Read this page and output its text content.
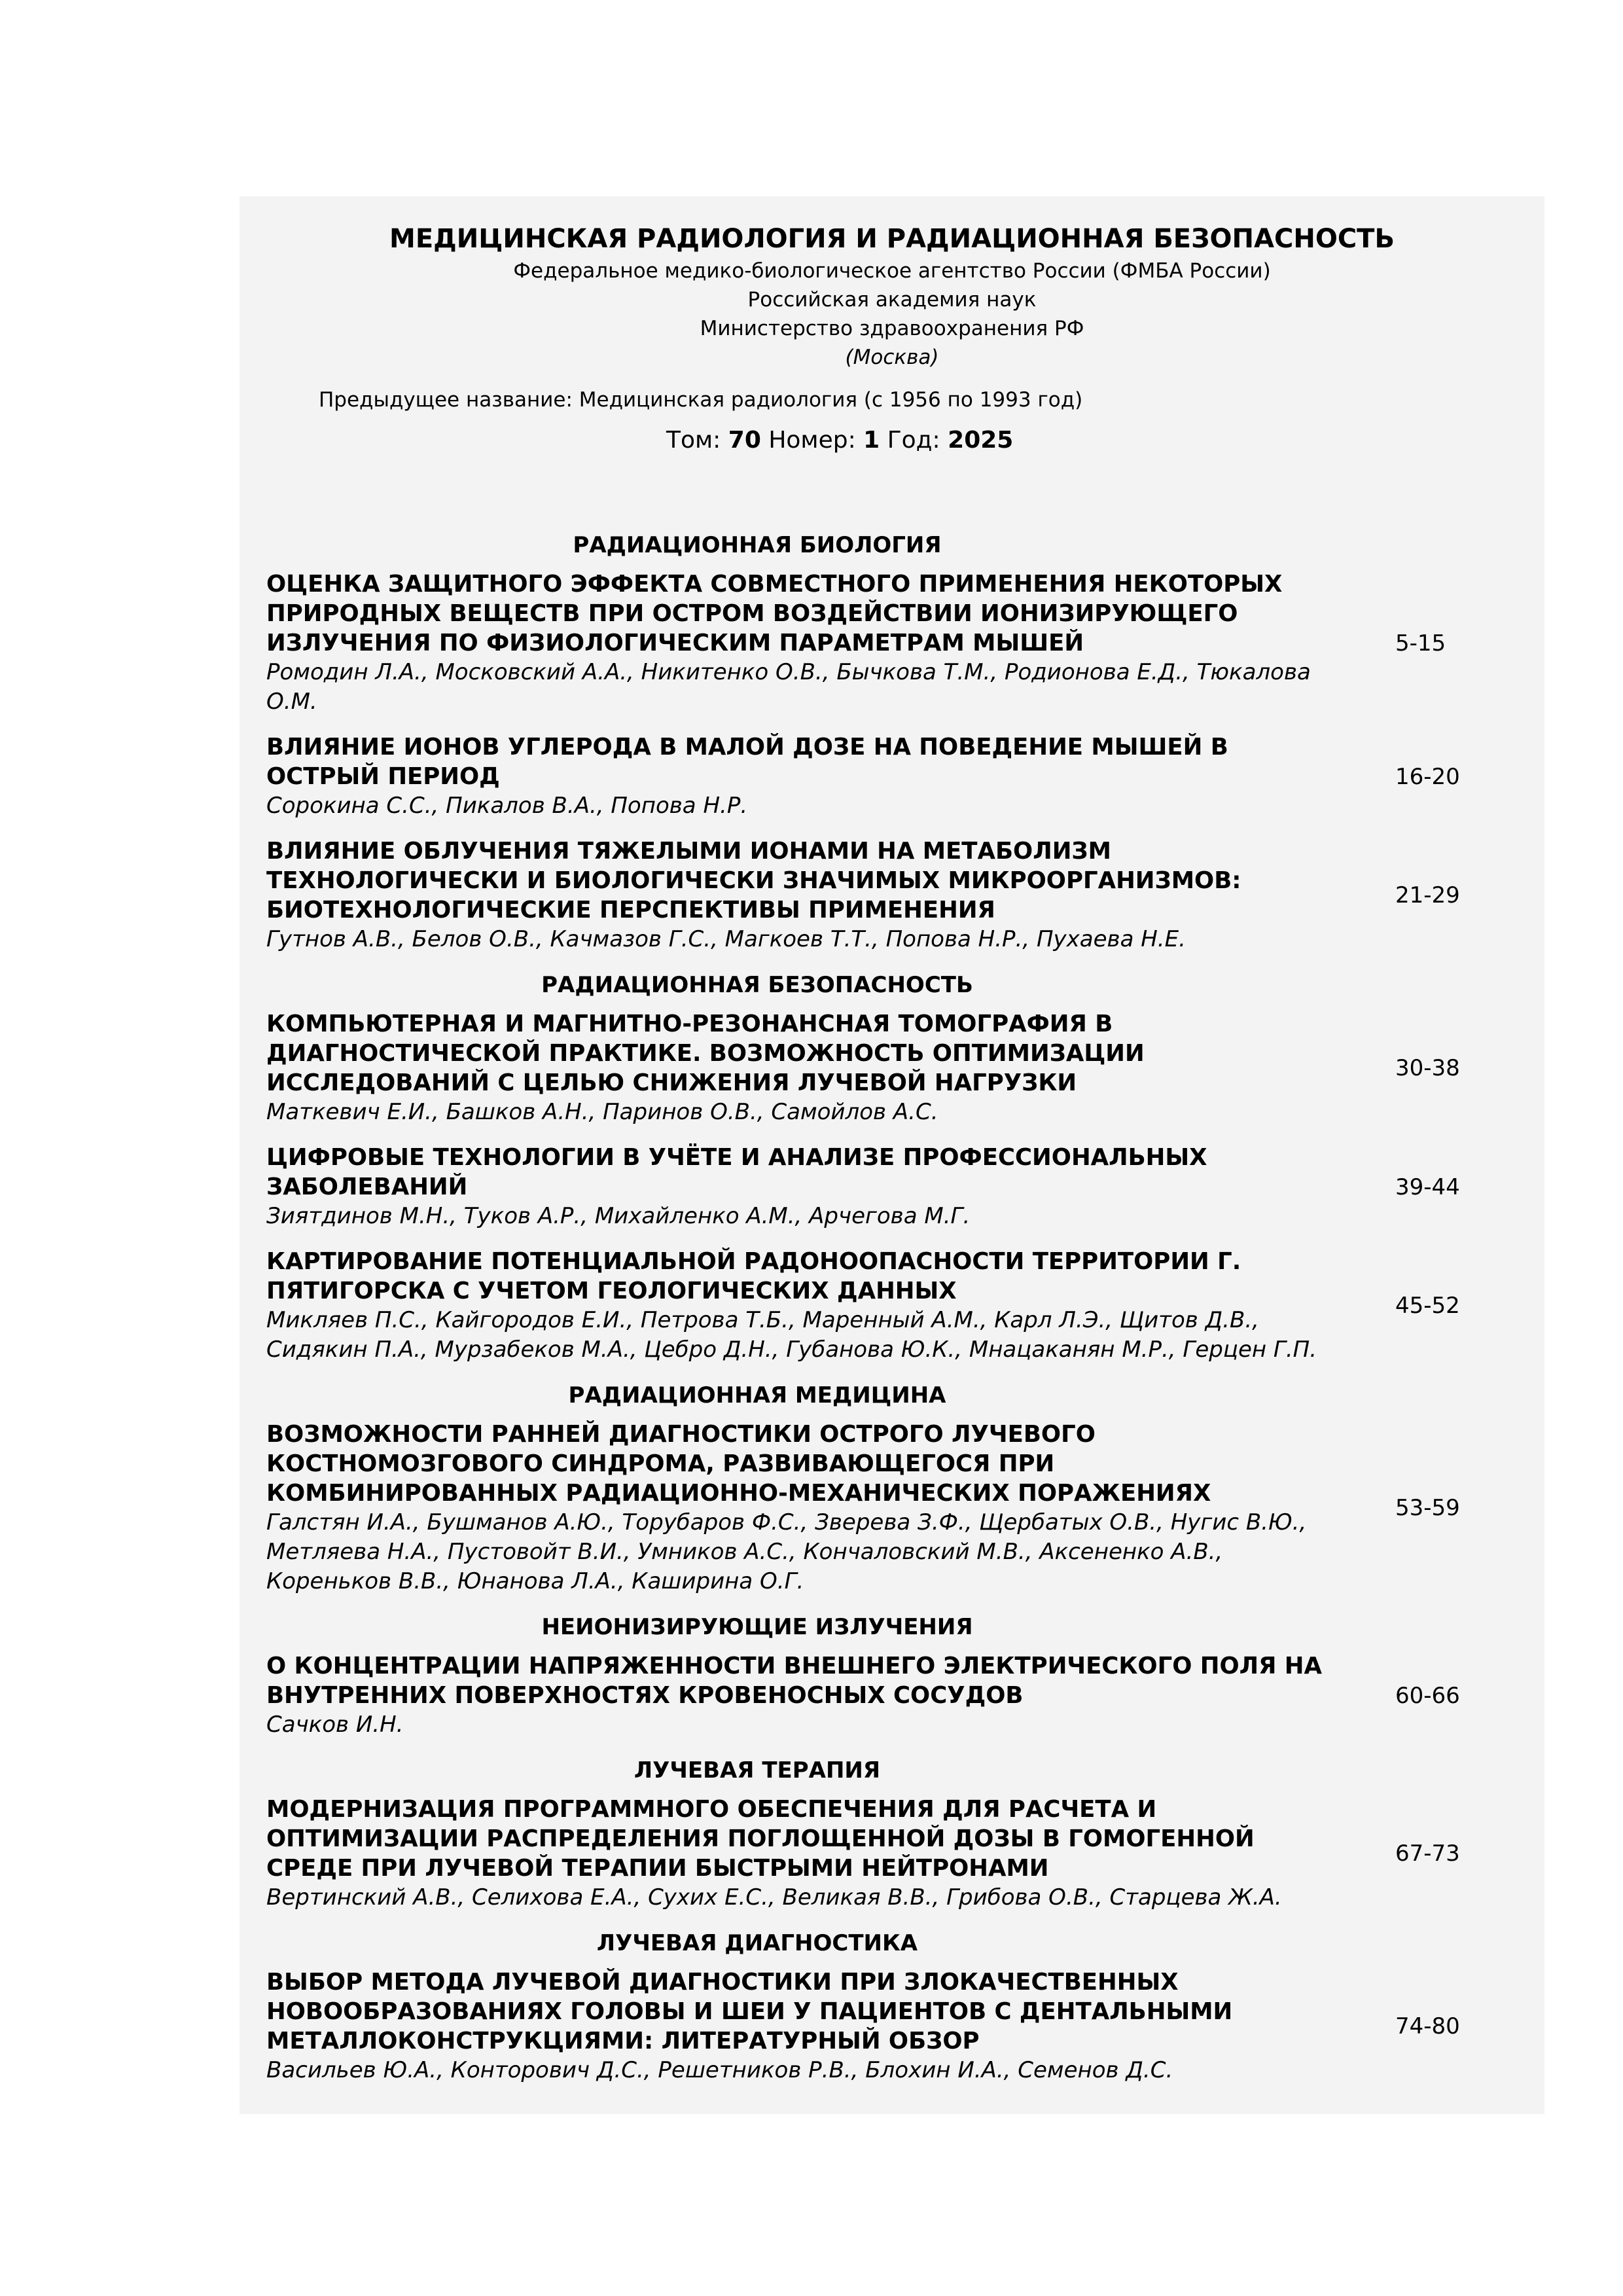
МЕДИЦИНСКАЯ РАДИОЛОГИЯ И РАДИАЦИОННАЯ БЕЗОПАСНОСТЬ
Федеральное медико-биологическое агентство России (ФМБА России)
Российская академия наук
Министерство здравоохранения РФ
(Москва)
Предыдущее название: Медицинская радиология (с 1956 по 1993 год)
Том: 70 Номер: 1 Год: 2025
РАДИАЦИОННАЯ БИОЛОГИЯ
ОЦЕНКА ЗАЩИТНОГО ЭФФЕКТА СОВМЕСТНОГО ПРИМЕНЕНИЯ НЕКОТОРЫХ ПРИРОДНЫХ ВЕЩЕСТВ ПРИ ОСТРОМ ВОЗДЕЙСТВИИ ИОНИЗИРУЮЩЕГО ИЗЛУЧЕНИЯ ПО ФИЗИОЛОГИЧЕСКИМ ПАРАМЕТРАМ МЫШЕЙ
Ромодин Л.А., Московский А.А., Никитенко О.В., Бычкова Т.М., Родионова Е.Д., Тюкалова О.М.
5-15
ВЛИЯНИЕ ИОНОВ УГЛЕРОДА В МАЛОЙ ДОЗЕ НА ПОВЕДЕНИЕ МЫШЕЙ В ОСТРЫЙ ПЕРИОД
Сорокина С.С., Пикалов В.А., Попова Н.Р.
16-20
ВЛИЯНИЕ ОБЛУЧЕНИЯ ТЯЖЕЛЫМИ ИОНАМИ НА МЕТАБОЛИЗМ ТЕХНОЛОГИЧЕСКИ И БИОЛОГИЧЕСКИ ЗНАЧИМЫХ МИКРООРГАНИЗМОВ: БИОТЕХНОЛОГИЧЕСКИЕ ПЕРСПЕКТИВЫ ПРИМЕНЕНИЯ
Гутнов А.В., Белов О.В., Качмазов Г.С., Магкоев Т.Т., Попова Н.Р., Пухаева Н.Е.
21-29
РАДИАЦИОННАЯ БЕЗОПАСНОСТЬ
КОМПЬЮТЕРНАЯ И МАГНИТНО-РЕЗОНАНСНАЯ ТОМОГРАФИЯ В ДИАГНОСТИЧЕСКОЙ ПРАКТИКЕ. ВОЗМОЖНОСТЬ ОПТИМИЗАЦИИ ИССЛЕДОВАНИЙ С ЦЕЛЬЮ СНИЖЕНИЯ ЛУЧЕВОЙ НАГРУЗКИ
Маткевич Е.И., Башков А.Н., Паринов О.В., Самойлов А.С.
30-38
ЦИФРОВЫЕ ТЕХНОЛОГИИ В УЧЁТЕ И АНАЛИЗЕ ПРОФЕССИОНАЛЬНЫХ ЗАБОЛЕВАНИЙ
Зиятдинов М.Н., Туков А.Р., Михайленко А.М., Арчегова М.Г.
39-44
КАРТИРОВАНИЕ ПОТЕНЦИАЛЬНОЙ РАДОНООПАСНОСТИ ТЕРРИТОРИИ Г. ПЯТИГОРСКА С УЧЕТОМ ГЕОЛОГИЧЕСКИХ ДАННЫХ
Микляев П.С., Кайгородов Е.И., Петрова Т.Б., Маренный А.М., Карл Л.Э., Щитов Д.В., Сидякин П.А., Мурзабеков М.А., Цебро Д.Н., Губанова Ю.К., Мнацаканян М.Р., Герцен Г.П.
45-52
РАДИАЦИОННАЯ МЕДИЦИНА
ВОЗМОЖНОСТИ РАННЕЙ ДИАГНОСТИКИ ОСТРОГО ЛУЧЕВОГО КОСТНОМОЗГОВОГО СИНДРОМА, РАЗВИВАЮЩЕГОСЯ ПРИ КОМБИНИРОВАННЫХ РАДИАЦИОННО-МЕХАНИЧЕСКИХ ПОРАЖЕНИЯХ
Галстян И.А., Бушманов А.Ю., Торубаров Ф.С., Зверева З.Ф., Щербатых О.В., Нугис В.Ю., Метляева Н.А., Пустовойт В.И., Умников А.С., Кончаловский М.В., Аксененко А.В., Кореньков В.В., Юнанова Л.А., Каширина О.Г.
53-59
НЕИОНИЗИРУЮЩИЕ ИЗЛУЧЕНИЯ
О КОНЦЕНТРАЦИИ НАПРЯЖЕННОСТИ ВНЕШНЕГО ЭЛЕКТРИЧЕСКОГО ПОЛЯ НА ВНУТРЕННИХ ПОВЕРХНОСТЯХ КРОВЕНОСНЫХ СОСУДОВ
Сачков И.Н.
60-66
ЛУЧЕВАЯ ТЕРАПИЯ
МОДЕРНИЗАЦИЯ ПРОГРАММНОГО ОБЕСПЕЧЕНИЯ ДЛЯ РАСЧЕТА И ОПТИМИЗАЦИИ РАСПРЕДЕЛЕНИЯ ПОГЛОЩЕННОЙ ДОЗЫ В ГОМОГЕННОЙ СРЕДЕ ПРИ ЛУЧЕВОЙ ТЕРАПИИ БЫСТРЫМИ НЕЙТРОНАМИ
Вертинский А.В., Селихова Е.А., Сухих Е.С., Великая В.В., Грибова О.В., Старцева Ж.А.
67-73
ЛУЧЕВАЯ ДИАГНОСТИКА
ВЫБОР МЕТОДА ЛУЧЕВОЙ ДИАГНОСТИКИ ПРИ ЗЛОКАЧЕСТВЕННЫХ НОВООБРАЗОВАНИЯХ ГОЛОВЫ И ШЕИ У ПАЦИЕНТОВ С ДЕНТАЛЬНЫМИ МЕТАЛЛОКОНСТРУКЦИЯМИ: ЛИТЕРАТУРНЫЙ ОБЗОР
Васильев Ю.А., Конторович Д.С., Решетников Р.В., Блохин И.А., Семенов Д.С.
74-80
